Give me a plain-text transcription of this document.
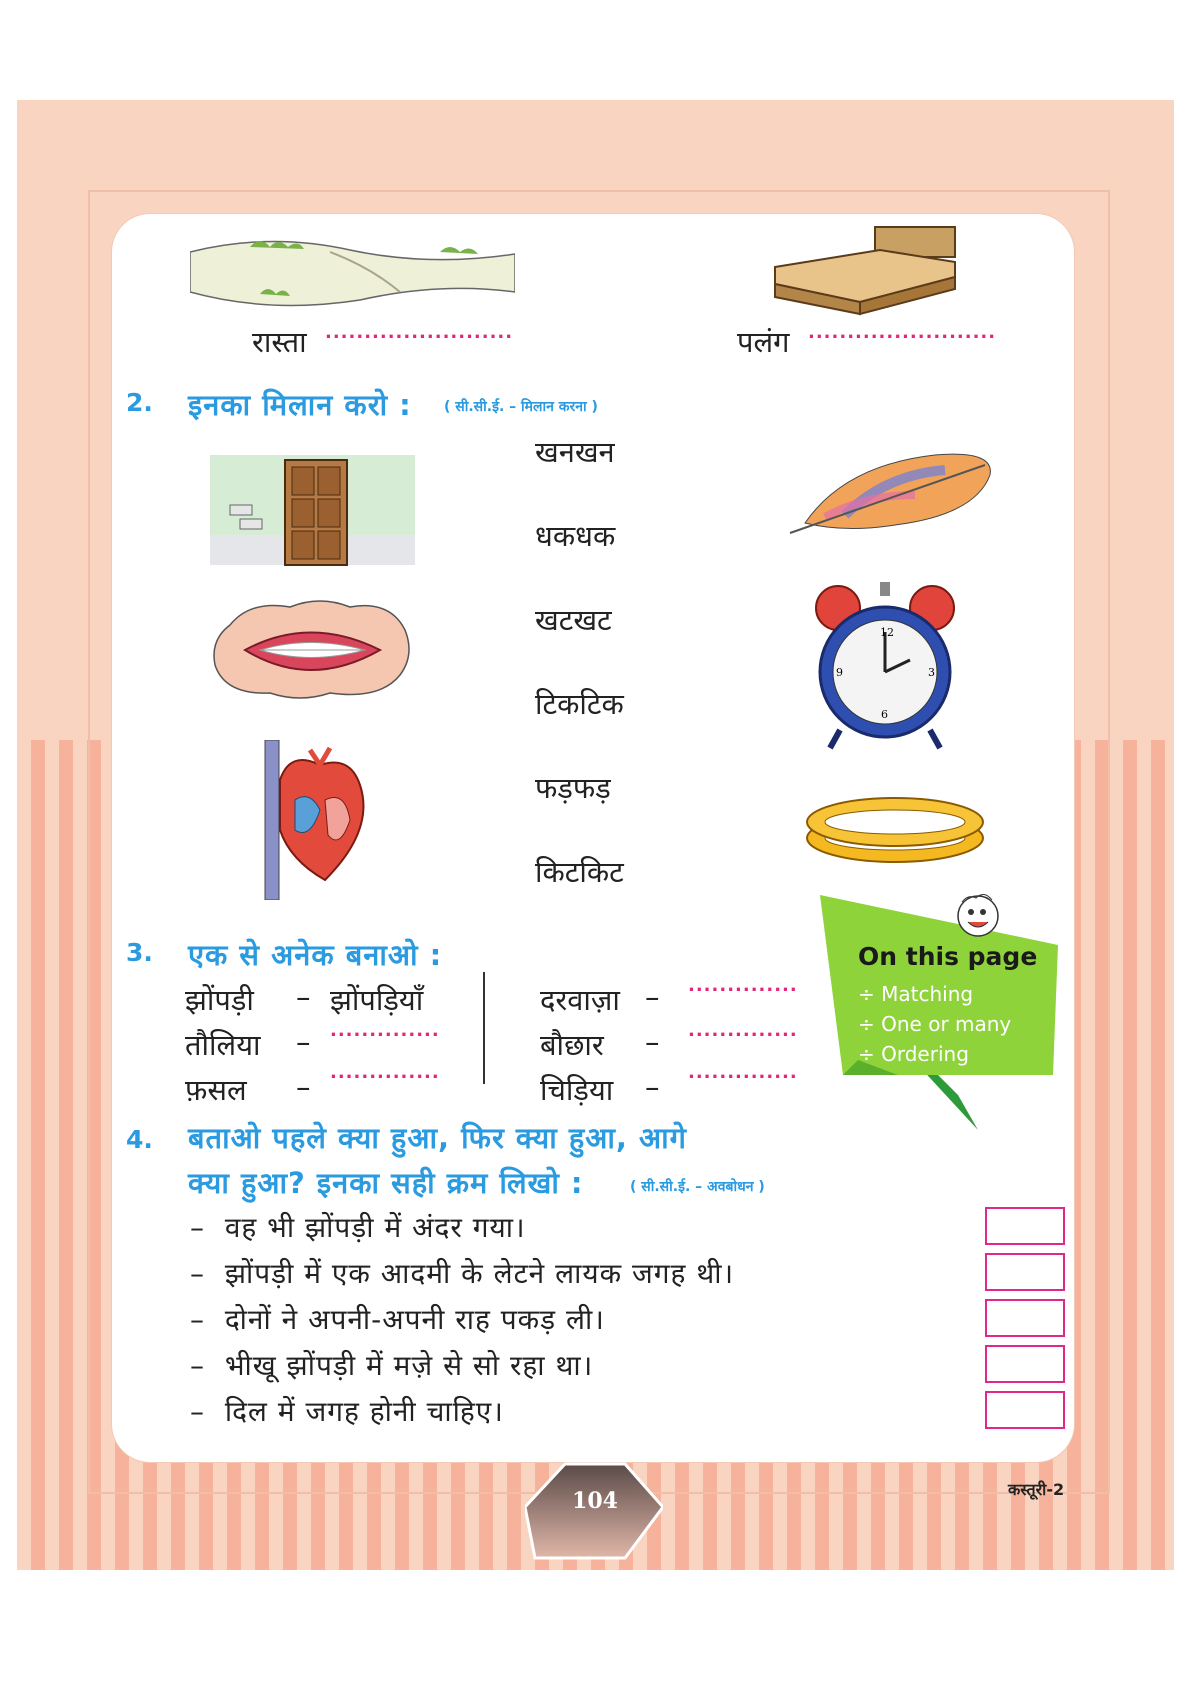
रास्ता ........................	पलंग ........................
2. इनका मिलान करो : ( सी.सी.ई. – मिलान करना )
खनखन
धकधक
खटखट
टिकटिक
फड़फड़
किटकिट
12
3
6
9
On this page
÷ Matching
÷ One or many
÷ Ordering
3. एक से अनेक बनाओ :
झोंपड़ी – झोंपड़ियाँ
तौलिया – ..............
फ़सल – ..............
दरवाज़ा – ..............
बौछार – ..............
चिड़िया – ..............
4. बताओ पहले क्या हुआ, फिर क्या हुआ, आगे
क्या हुआ? इनका सही क्रम लिखो :	( सी.सी.ई. – अवबोधन )
– वह भी झोंपड़ी में अंदर गया।
– झोंपड़ी में एक आदमी के लेटने लायक जगह थी।
– दोनों ने अपनी-अपनी राह पकड़ ली।
– भीखू झोंपड़ी में मज़े से सो रहा था।
– दिल में जगह होनी चाहिए।
104	कस्तूरी-2
